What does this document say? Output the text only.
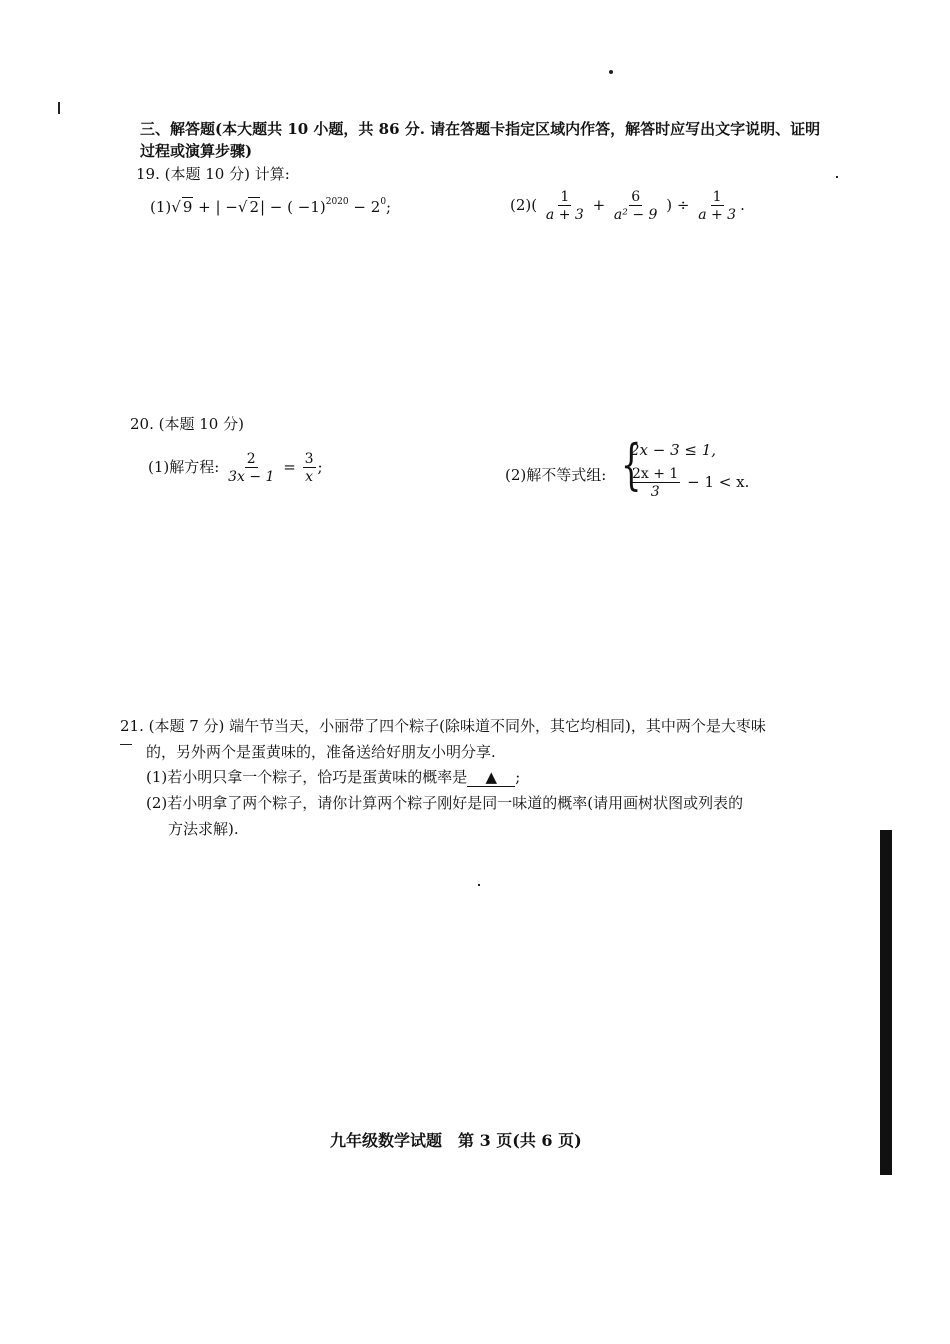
三、解答题(本大题共 10 小题，共 86 分. 请在答题卡指定区域内作答，解答时应写出文字说明、证明
过程或演算步骤)
19. (本题 10 分) 计算:
(1)√ 9 + | −√ 2| − ( $-1)^{2020} - 2^0$;	$(2)( \frac{1}{a + 3} + \frac{6}{\text{a² − 9}}$ ) ÷ $\frac{1}{a + 3}$ .
20. (本题 10 分)
(1)解方程: $\frac{2}{3x - 1} = \frac{3}{x}$ ;	(2)解不等式组: {
2x − 3 ≤ 1,
$\frac{2x + 1}{3} - 1 < x$.
21. (本题 7 分) 端午节当天，小丽带了四个粽子(除味道不同外，其它均相同)，其中两个是大枣味
的，另外两个是蛋黄味的，准备送给好朋友小明分享.
(1)若小明只拿一个粽子，恰巧是蛋黄味的概率是 ▲ ;
(2)若小明拿了两个粽子，请你计算两个粽子刚好是同一味道的概率(请用画树状图或列表的
方法求解).
九年级数学试题　第 3 页(共 6 页)
